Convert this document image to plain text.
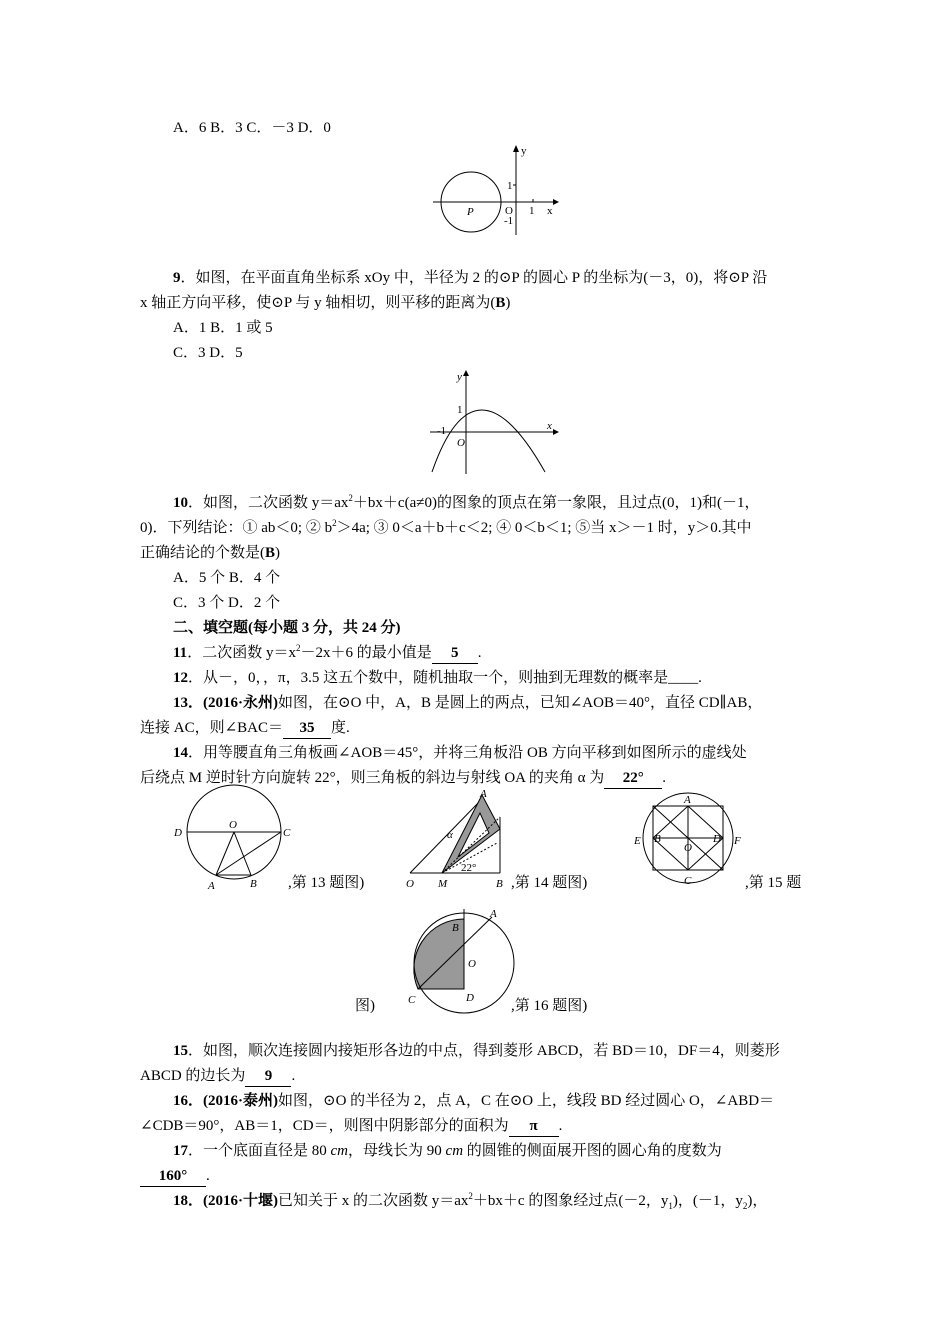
A．6 B．3 C．－3 D．0
y
x
1
O
-1
1
P
9．如图，在平面直角坐标系 xOy 中，半径为 2 的⊙P 的圆心 P 的坐标为(－3，0)，将⊙P 沿
x 轴正方向平移，使⊙P 与 y 轴相切，则平移的距离为(B)
A．1 B．1 或 5
C．3 D．5
y
x
1
-1
O
10．如图，二次函数 $y=ax^2+bx+c(a\ne 0)$的图象的顶点在第一象限，且过点(0，1)和(－1，
0)．下列结论：① ab＜0; ② $b^2>4a$; ③ 0＜a＋b＋c＜2; ④ 0＜b＜1; ⑤当 x＞－1 时，y＞0.其中
正确结论的个数是(B)
A．5 个 B．4 个
C．3 个 D．2 个
二、填空题(每小题 3 分，共 24 分)
11．二次函数 $y=x^2-2x+6$ 的最小值是 5 .
12．从－，0，，π，3.5 这五个数中，随机抽取一个，则抽到无理数的概率是____.
13．(2016·永州)如图，在⊙O 中，A，B 是圆上的两点，已知∠AOB＝40°，直径 CD∥AB，
连接 AC，则∠BAC＝ 35 度.
14．用等腰直角三角板画∠AOB＝45°，并将三角板沿 OB 方向平移到如图所示的虚线处
后绕点 M 逆时针方向旋转 22°，则三角板的斜边与射线 OA 的夹角 α 为 22° .
O
D	C
A	B ,第 13 题图)
A
α
22°
O M	B ,第 14 题图)
A
B	D
E
O
F
C	,第 15 题
B
A
O
C	D
图)	,第 16 题图)
15．如图，顺次连接圆内接矩形各边的中点，得到菱形 ABCD，若 BD＝10，DF＝4，则菱形
ABCD 的边长为 9 .
16．(2016·泰州)如图，⊙O 的半径为 2，点 A，C 在⊙O 上，线段 BD 经过圆心 O，∠ABD＝
∠CDB＝90°，AB＝1，CD＝，则图中阴影部分的面积为 π .
17．一个底面直径是 80 cm，母线长为 90 cm 的圆锥的侧面展开图的圆心角的度数为
160° .
18．(2016·十堰)已知关于 x 的二次函数 $y=ax^2+bx+c$ 的图象经过点(－2，$y_1$)，(－1，$y_2$)，
